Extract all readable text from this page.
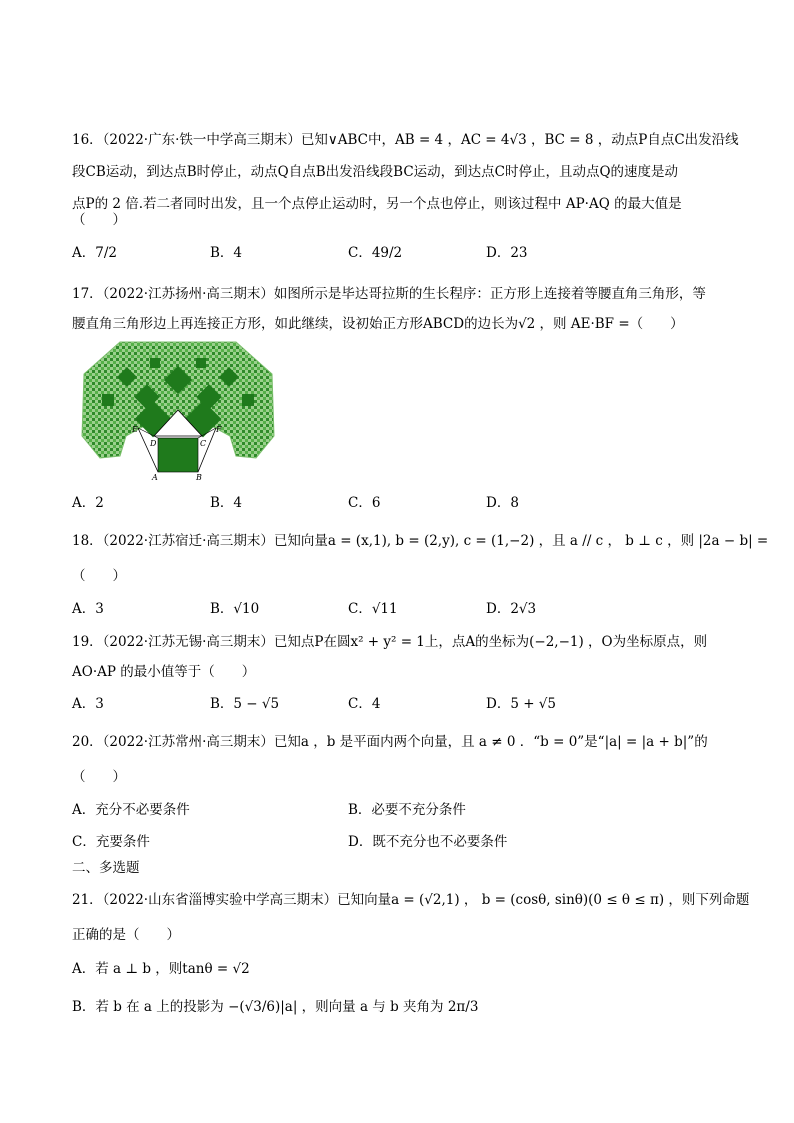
16．（2022·广东·铁一中学高三期末）已知∨ABC中，AB = 4 ，AC = 4√3 ，BC = 8 ，动点P自点C出发沿线
段CB运动，到达点B时停止，动点Q自点B出发沿线段BC运动，到达点C时停止，且动点Q的速度是动
点P的 2 倍.若二者同时出发，且一个点停止运动时，另一个点也停止，则该过程中 AP·AQ 的最大值是
（　　）
A．7/2	B．4	C．49/2	D．23
17．（2022·江苏扬州·高三期末）如图所示是毕达哥拉斯的生长程序：正方形上连接着等腰直角三角形，等
腰直角三角形边上再连接正方形，如此继续，设初始正方形ABCD的边长为√2 ，则 AE·BF =（　　）
E
D	C
F
A	B
A．2	B．4	C．6	D．8
18．（2022·江苏宿迁·高三期末）已知向量a = (x,1), b = (2,y), c = (1,−2) ，且 a // c ， b ⊥ c ，则 |2a − b| =
（　　）
A．3	B．√10	C．√11	D．2√3
19．（2022·江苏无锡·高三期末）已知点P在圆x² + y² = 1上，点A的坐标为(−2,−1) ，O为坐标原点，则
AO·AP 的最小值等于（　　）
A．3	B．5 − √5	C．4	D．5 + √5
20．（2022·江苏常州·高三期末）已知a ，b 是平面内两个向量，且 a ≠ 0 ．“b = 0”是“|a| = |a + b|”的
（　　）
A．充分不必要条件	B．必要不充分条件
C．充要条件	D．既不充分也不必要条件
二、多选题
21．（2022·山东省淄博实验中学高三期末）已知向量a = (√2,1) ， b = (cosθ, sinθ)(0 ≤ θ ≤ π) ，则下列命题
正确的是（　　）
A．若 a ⊥ b ，则tanθ = √2
B．若 b 在 a 上的投影为 −(√3/6)|a| ，则向量 a 与 b 夹角为 2π/3
